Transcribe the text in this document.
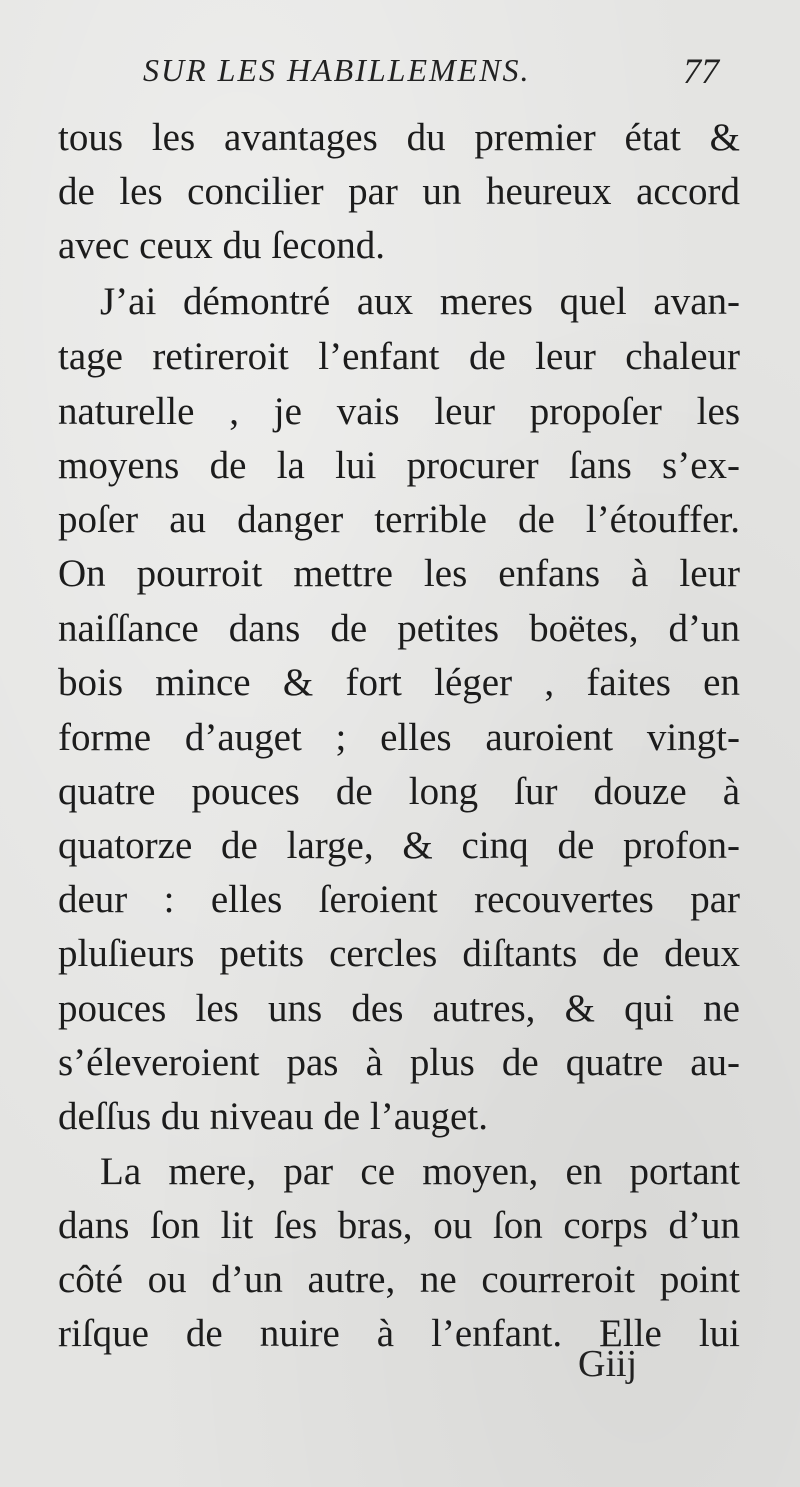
SUR LES HABILLEMENS.	77
tous les avantages du premier état &
de les concilier par un heureux accord
avec ceux du ſecond.
J’ai démontré aux meres quel avan-
tage retireroit l’enfant de leur chaleur
naturelle , je vais leur propoſer les
moyens de la lui procurer ſans s’ex-
poſer au danger terrible de l’étouffer.
On pourroit mettre les enfans à leur
naiſſance dans de petites boëtes, d’un
bois mince & fort léger , faites en
forme d’auget ; elles auroient vingt-
quatre pouces de long ſur douze à
quatorze de large, & cinq de profon-
deur : elles ſeroient recouvertes par
pluſieurs petits cercles diſtants de deux
pouces les uns des autres, & qui ne
s’éleveroient pas à plus de quatre au-
deſſus du niveau de l’auget.
La mere, par ce moyen, en portant
dans ſon lit ſes bras, ou ſon corps d’un
côté ou d’un autre, ne courreroit point
riſque de nuire à l’enfant. Elle lui
Giij
